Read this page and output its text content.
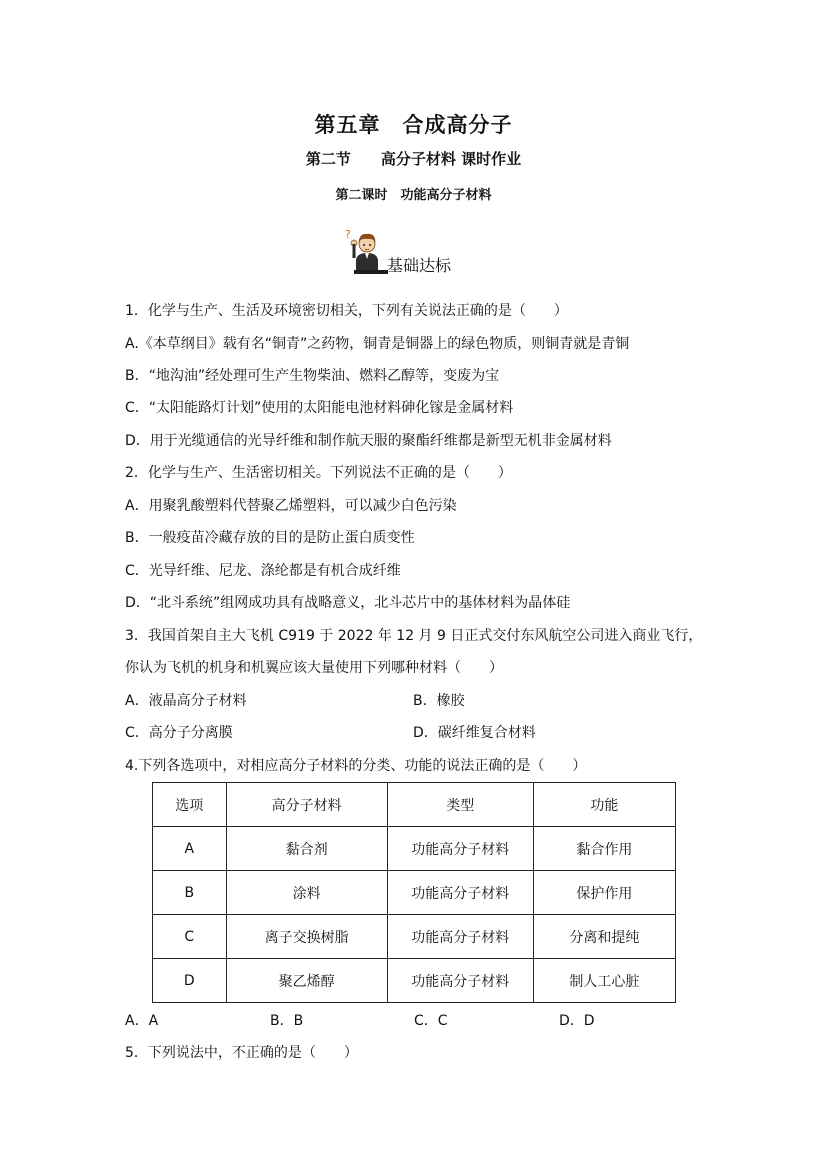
第五章　合成高分子
第二节　　高分子材料 课时作业
第二课时　功能高分子材料
?
基础达标
1．化学与生产、生活及环境密切相关，下列有关说法正确的是（　　）
A.《本草纲目》载有名“铜青”之药物，铜青是铜器上的绿色物质，则铜青就是青铜
B．“地沟油”经处理可生产生物柴油、燃料乙醇等，变废为宝
C．“太阳能路灯计划”使用的太阳能电池材料砷化镓是金属材料
D．用于光缆通信的光导纤维和制作航天服的聚酯纤维都是新型无机非金属材料
2．化学与生产、生活密切相关。下列说法不正确的是（　　）
A．用聚乳酸塑料代替聚乙烯塑料，可以减少白色污染
B．一般疫苗冷藏存放的目的是防止蛋白质变性
C．光导纤维、尼龙、涤纶都是有机合成纤维
D．“北斗系统”组网成功具有战略意义，北斗芯片中的基体材料为晶体硅
3．我国首架自主大飞机 C919 于 2022 年 12 月 9 日正式交付东风航空公司进入商业飞行，
你认为飞机的机身和机翼应该大量使用下列哪种材料（　　）
A．液晶高分子材料	B．橡胶
C．高分子分离膜	D．碳纤维复合材料
4.下列各选项中，对相应高分子材料的分类、功能的说法正确的是（　　）
选项	高分子材料	类型	功能
A	黏合剂	功能高分子材料	黏合作用
B	涂料	功能高分子材料	保护作用
C	离子交换树脂	功能高分子材料	分离和提纯
D	聚乙烯醇	功能高分子材料	制人工心脏
A．A	B．B	C．C	D．D
5．下列说法中，不正确的是（　　）
